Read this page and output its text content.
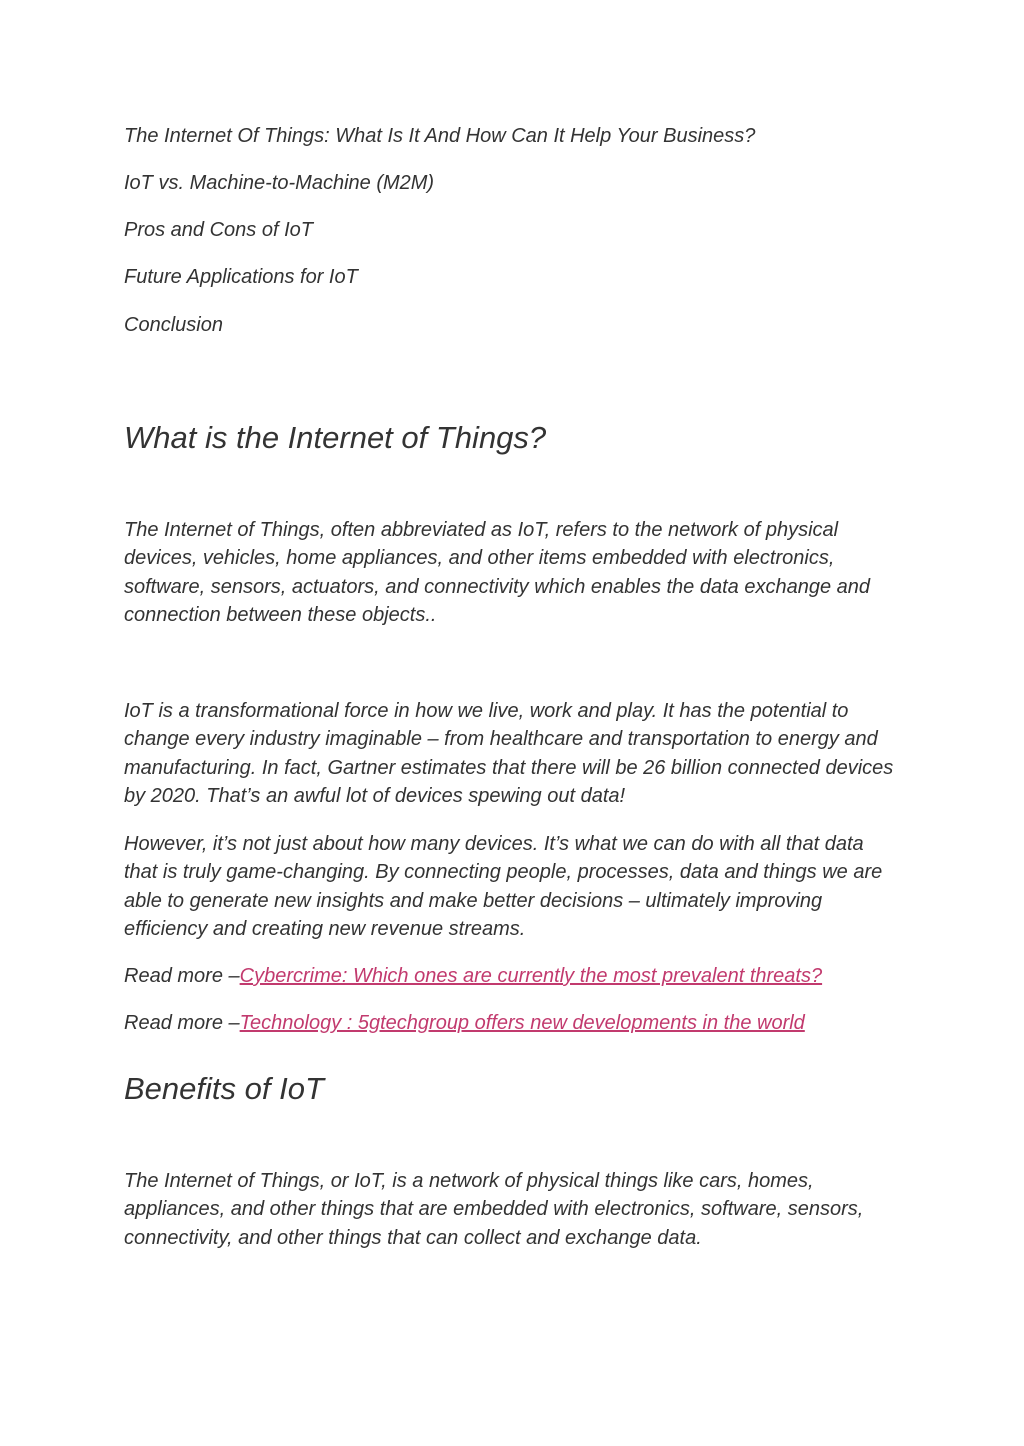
The Internet Of Things: What Is It And How Can It Help Your Business?
IoT vs. Machine-to-Machine (M2M)
Pros and Cons of IoT
Future Applications for IoT
Conclusion
What is the Internet of Things?

The Internet of Things, often abbreviated as IoT, refers to the network of physical devices, vehicles, home appliances, and other items embedded with electronics, software, sensors, actuators, and connectivity which enables the data exchange and connection between these objects..

IoT is a transformational force in how we live, work and play. It has the potential to change every industry imaginable – from healthcare and transportation to energy and manufacturing. In fact, Gartner estimates that there will be 26 billion connected devices by 2020. That’s an awful lot of devices spewing out data!

However, it’s not just about how many devices. It’s what we can do with all that data that is truly game-changing. By connecting people, processes, data and things we are able to generate new insights and make better decisions – ultimately improving efficiency and creating new revenue streams.

Read more –Cybercrime: Which ones are currently the most prevalent threats?
Read more –Technology : 5gtechgroup offers new developments in the world
Benefits of IoT

The Internet of Things, or IoT, is a network of physical things like cars, homes, appliances, and other things that are embedded with electronics, software, sensors, connectivity, and other things that can collect and exchange data.
